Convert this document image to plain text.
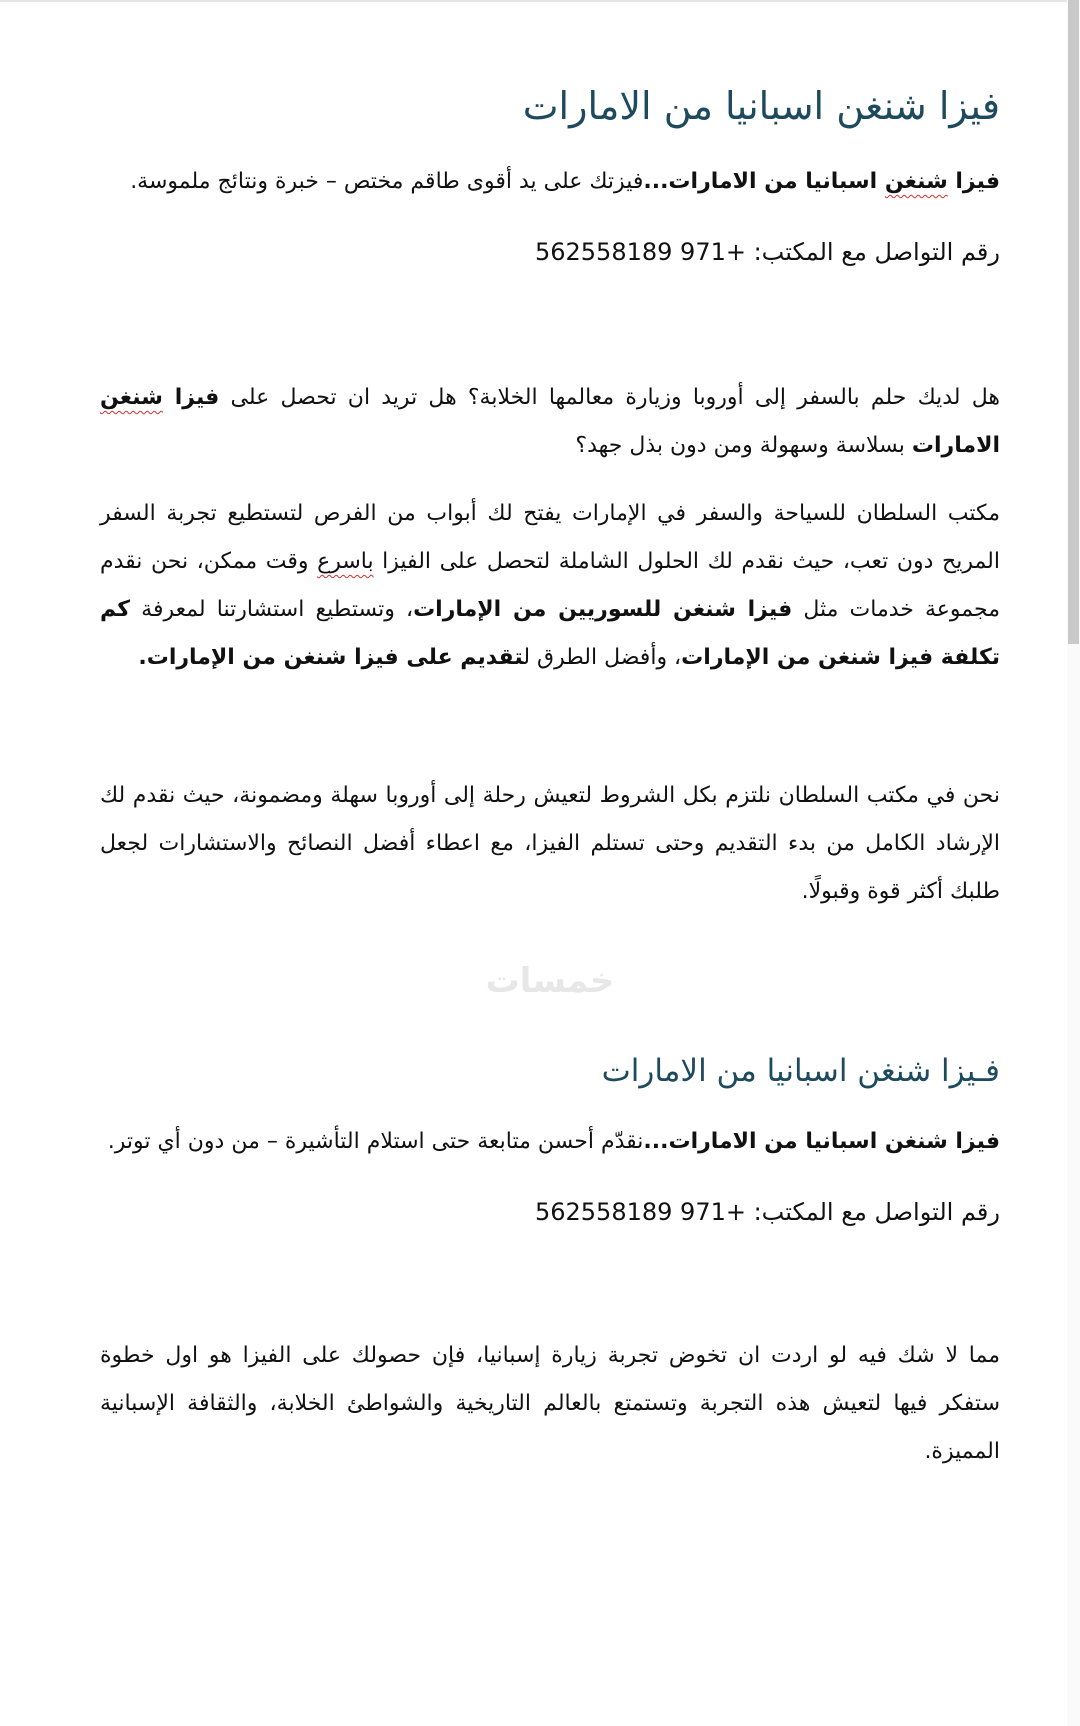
فيزا شنغن اسبانيا من الامارات
فيزا شنغن اسبانيا من الامارات...فيزتك على يد أقوى طاقم مختص – خبرة ونتائج ملموسة.
رقم التواصل مع المكتب: +971 562558189
هل لديك حلم بالسفر إلى أوروبا وزيارة معالمها الخلابة؟ هل تريد ان تحصل على فيزا شنغن الامارات بسلاسة وسهولة ومن دون بذل جهد؟
مكتب السلطان للسياحة والسفر في الإمارات يفتح لك أبواب من الفرص لتستطيع تجربة السفر المريح دون تعب، حيث نقدم لك الحلول الشاملة لتحصل على الفيزا باسرع وقت ممكن، نحن نقدم مجموعة خدمات مثل فيزا شنغن للسوريين من الإمارات، وتستطيع استشارتنا لمعرفة كم تكلفة فيزا شنغن من الإمارات، وأفضل الطرق لتقديم على فيزا شنغن من الإمارات.
نحن في مكتب السلطان نلتزم بكل الشروط لتعيش رحلة إلى أوروبا سهلة ومضمونة، حيث نقدم لك الإرشاد الكامل من بدء التقديم وحتى تستلم الفيزا، مع اعطاء أفضل النصائح والاستشارات لجعل طلبك أكثر قوة وقبولًا.
خمسات
فـيزا شنغن اسبانيا من الامارات
فيزا شنغن اسبانيا من الامارات...نقدّم أحسن متابعة حتى استلام التأشيرة – من دون أي توتر.
رقم التواصل مع المكتب: +971 562558189
مما لا شك فيه لو اردت ان تخوض تجربة زيارة إسبانيا، فإن حصولك على الفيزا هو اول خطوة ستفكر فيها لتعيش هذه التجربة وتستمتع بالعالم التاريخية والشواطئ الخلابة، والثقافة الإسبانية المميزة.
